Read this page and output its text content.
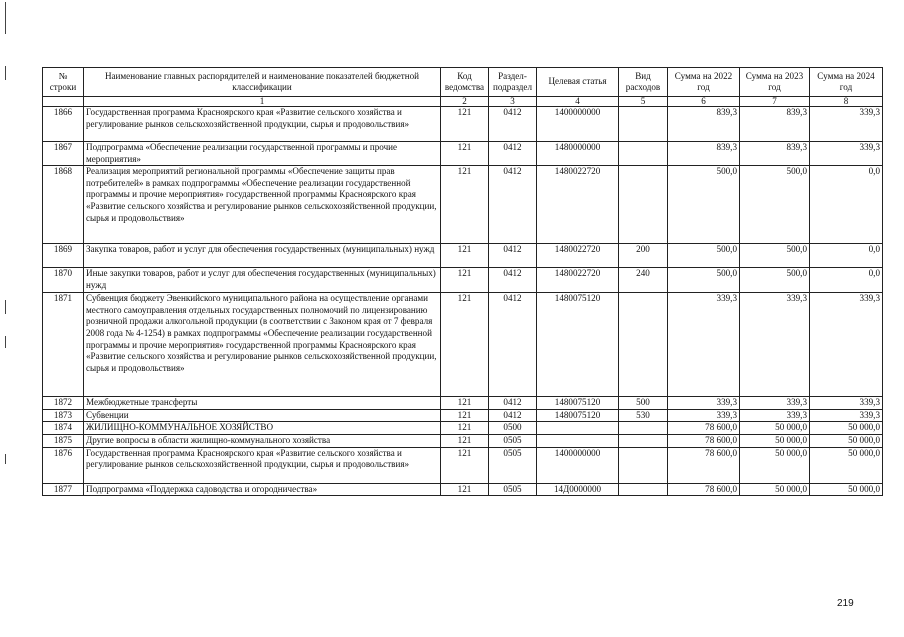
№ строки	Наименование главных распорядителей и наименование показателей бюджетной классификации	Код ведомства	Раздел-подраздел	Целевая статья	Вид расходов	Сумма на 2022 год	Сумма на 2023 год	Сумма на 2024 год
	1	2	3	4	5	6	7	8
1866	Государственная программа Красноярского края «Развитие сельского хозяйства и регулирование рынков сельскохозяйственной продукции, сырья и продовольствия»	121	0412	1400000000		839,3	839,3	339,3
1867	Подпрограмма «Обеспечение реализации государственной программы и прочие мероприятия»	121	0412	1480000000		839,3	839,3	339,3
1868	Реализация мероприятий региональной программы «Обеспечение защиты прав потребителей» в рамках подпрограммы «Обеспечение реализации государственной программы и прочие мероприятия» государственной программы Красноярского края «Развитие сельского хозяйства и регулирование рынков сельскохозяйственной продукции, сырья и продовольствия»	121	0412	1480022720		500,0	500,0	0,0
1869	Закупка товаров, работ и услуг для обеспечения государственных (муниципальных) нужд	121	0412	1480022720	200	500,0	500,0	0,0
1870	Иные закупки товаров, работ и услуг для обеспечения государственных (муниципальных) нужд	121	0412	1480022720	240	500,0	500,0	0,0
1871	Субвенция бюджету Эвенкийского муниципального района на осуществление органами местного самоуправления отдельных государственных полномочий по лицензированию розничной продажи алкогольной продукции (в соответствии с Законом края от 7 февраля 2008 года № 4-1254) в рамках подпрограммы «Обеспечение реализации государственной программы и прочие мероприятия» государственной программы Красноярского края «Развитие сельского хозяйства и регулирование рынков сельскохозяйственной продукции, сырья и продовольствия»	121	0412	1480075120		339,3	339,3	339,3
1872	Межбюджетные трансферты	121	0412	1480075120	500	339,3	339,3	339,3
1873	Субвенции	121	0412	1480075120	530	339,3	339,3	339,3
1874	ЖИЛИЩНО-КОММУНАЛЬНОЕ ХОЗЯЙСТВО	121	0500			78 600,0	50 000,0	50 000,0
1875	Другие вопросы в области жилищно-коммунального хозяйства	121	0505			78 600,0	50 000,0	50 000,0
1876	Государственная программа Красноярского края «Развитие сельского хозяйства и регулирование рынков сельскохозяйственной продукции, сырья и продовольствия»	121	0505	1400000000		78 600,0	50 000,0	50 000,0
1877	Подпрограмма «Поддержка садоводства и огородничества»	121	0505	14Д0000000		78 600,0	50 000,0	50 000,0
219
